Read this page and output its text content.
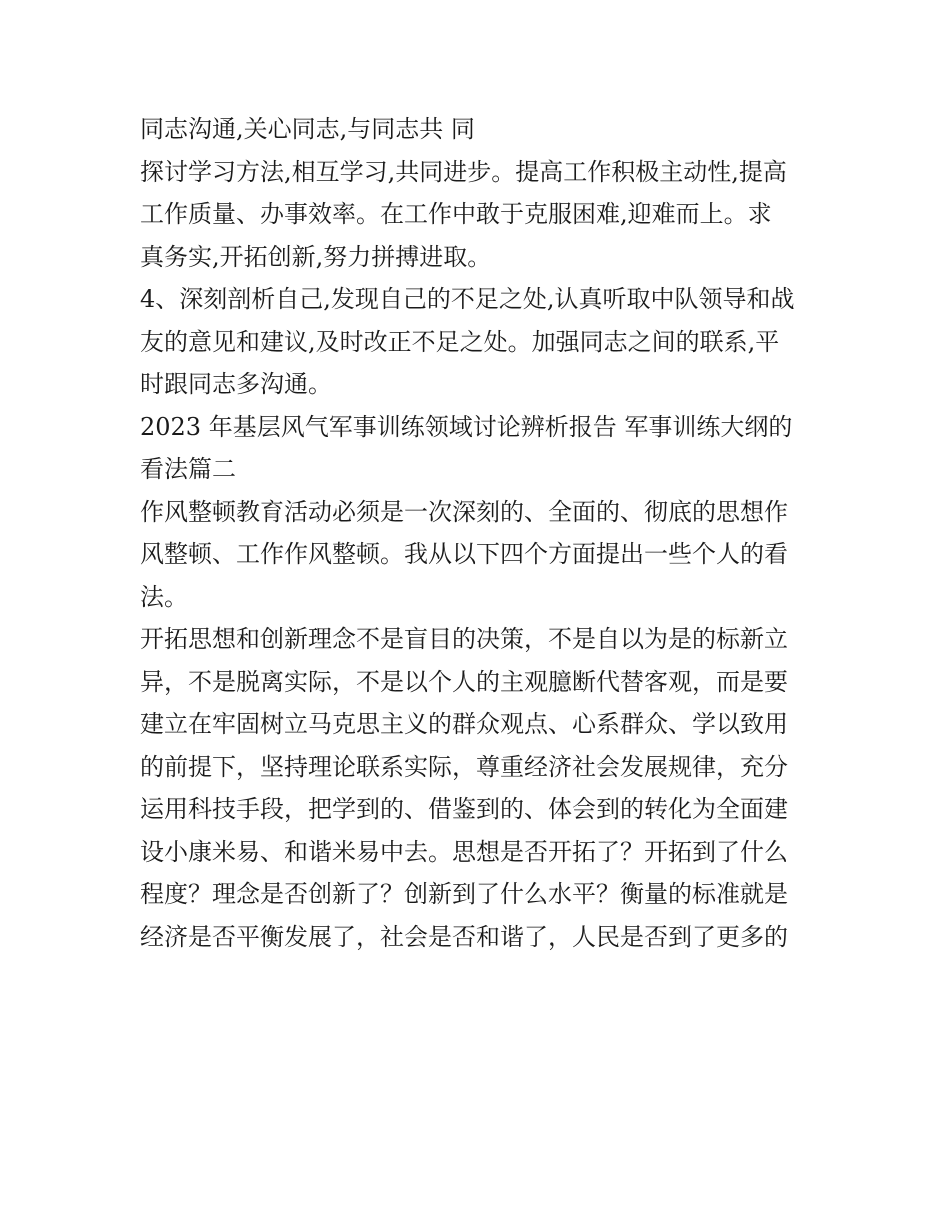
同志沟通,关心同志,与同志共 同
探讨学习方法,相互学习,共同进步。提高工作积极主动性,提高
工作质量、办事效率。在工作中敢于克服困难,迎难而上。求
真务实,开拓创新,努力拼搏进取。
4、深刻剖析自己,发现自己的不足之处,认真听取中队领导和战
友的意见和建议,及时改正不足之处。加强同志之间的联系,平
时跟同志多沟通。
2023 年基层风气军事训练领域讨论辨析报告 军事训练大纲的
看法篇二
作风整顿教育活动必须是一次深刻的、全面的、彻底的思想作
风整顿、工作作风整顿。我从以下四个方面提出一些个人的看
法。
开拓思想和创新理念不是盲目的决策，不是自以为是的标新立
异，不是脱离实际，不是以个人的主观臆断代替客观，而是要
建立在牢固树立马克思主义的群众观点、心系群众、学以致用
的前提下，坚持理论联系实际，尊重经济社会发展规律，充分
运用科技手段，把学到的、借鉴到的、体会到的转化为全面建
设小康米易、和谐米易中去。思想是否开拓了？开拓到了什么
程度？理念是否创新了？创新到了什么水平？衡量的标准就是
经济是否平衡发展了，社会是否和谐了，人民是否到了更多的
